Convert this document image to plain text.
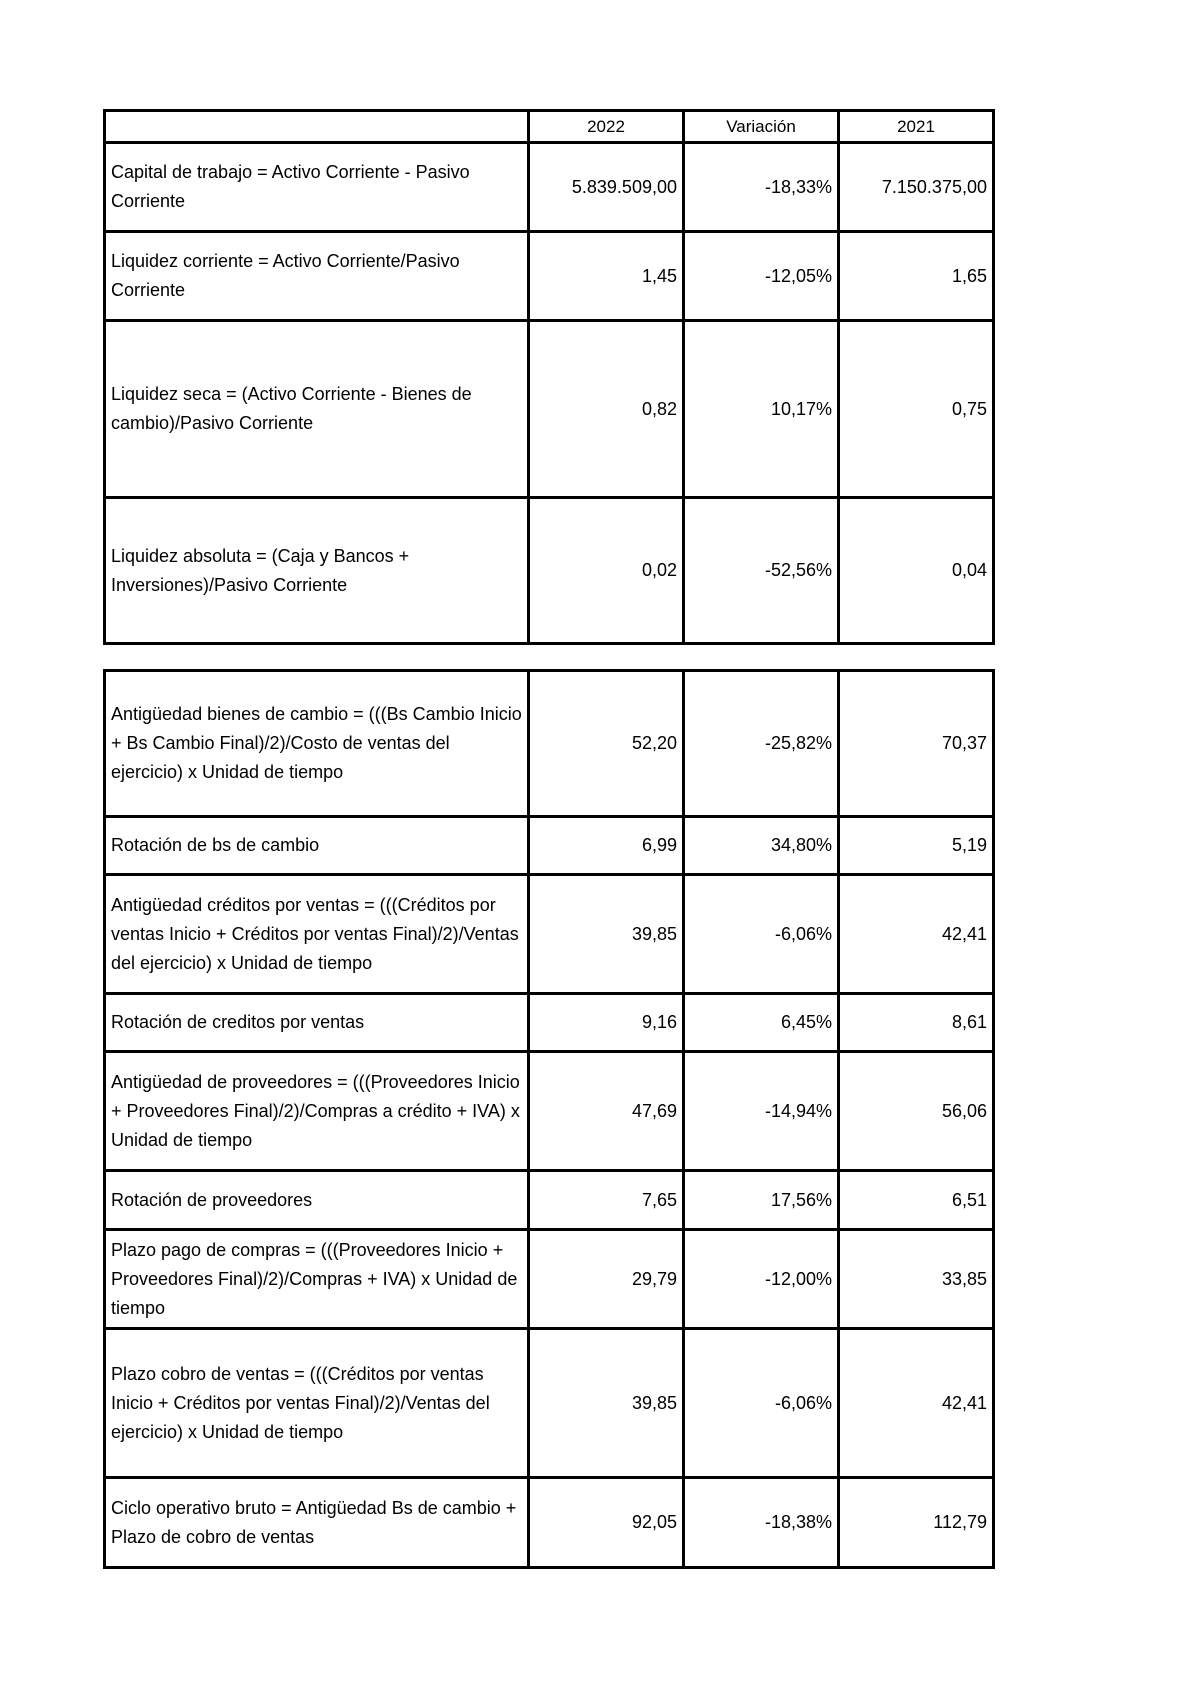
	2022	Variación	2021
Capital de trabajo = Activo Corriente - Pasivo Corriente	5.839.509,00	-18,33%	7.150.375,00
Liquidez corriente = Activo Corriente/Pasivo Corriente	1,45	-12,05%	1,65
Liquidez seca = (Activo Corriente - Bienes de cambio)/Pasivo Corriente	0,82	10,17%	0,75
Liquidez absoluta = (Caja y Bancos + Inversiones)/Pasivo Corriente	0,02	-52,56%	0,04
Antigüedad bienes de cambio = (((Bs Cambio Inicio + Bs Cambio Final)/2)/Costo de ventas del ejercicio) x Unidad de tiempo	52,20	-25,82%	70,37
Rotación de bs de cambio	6,99	34,80%	5,19
Antigüedad créditos por ventas = (((Créditos por ventas Inicio + Créditos por ventas Final)/2)/Ventas del ejercicio) x Unidad de tiempo	39,85	-6,06%	42,41
Rotación de creditos por ventas	9,16	6,45%	8,61
Antigüedad de proveedores = (((Proveedores Inicio + Proveedores Final)/2)/Compras a crédito + IVA) x Unidad de tiempo	47,69	-14,94%	56,06
Rotación de proveedores	7,65	17,56%	6,51
Plazo pago de compras = (((Proveedores Inicio + Proveedores Final)/2)/Compras + IVA) x Unidad de tiempo	29,79	-12,00%	33,85
Plazo cobro de ventas = (((Créditos por ventas Inicio + Créditos por ventas Final)/2)/Ventas del ejercicio) x Unidad de tiempo	39,85	-6,06%	42,41
Ciclo operativo bruto = Antigüedad Bs de cambio + Plazo de cobro de ventas	92,05	-18,38%	112,79
